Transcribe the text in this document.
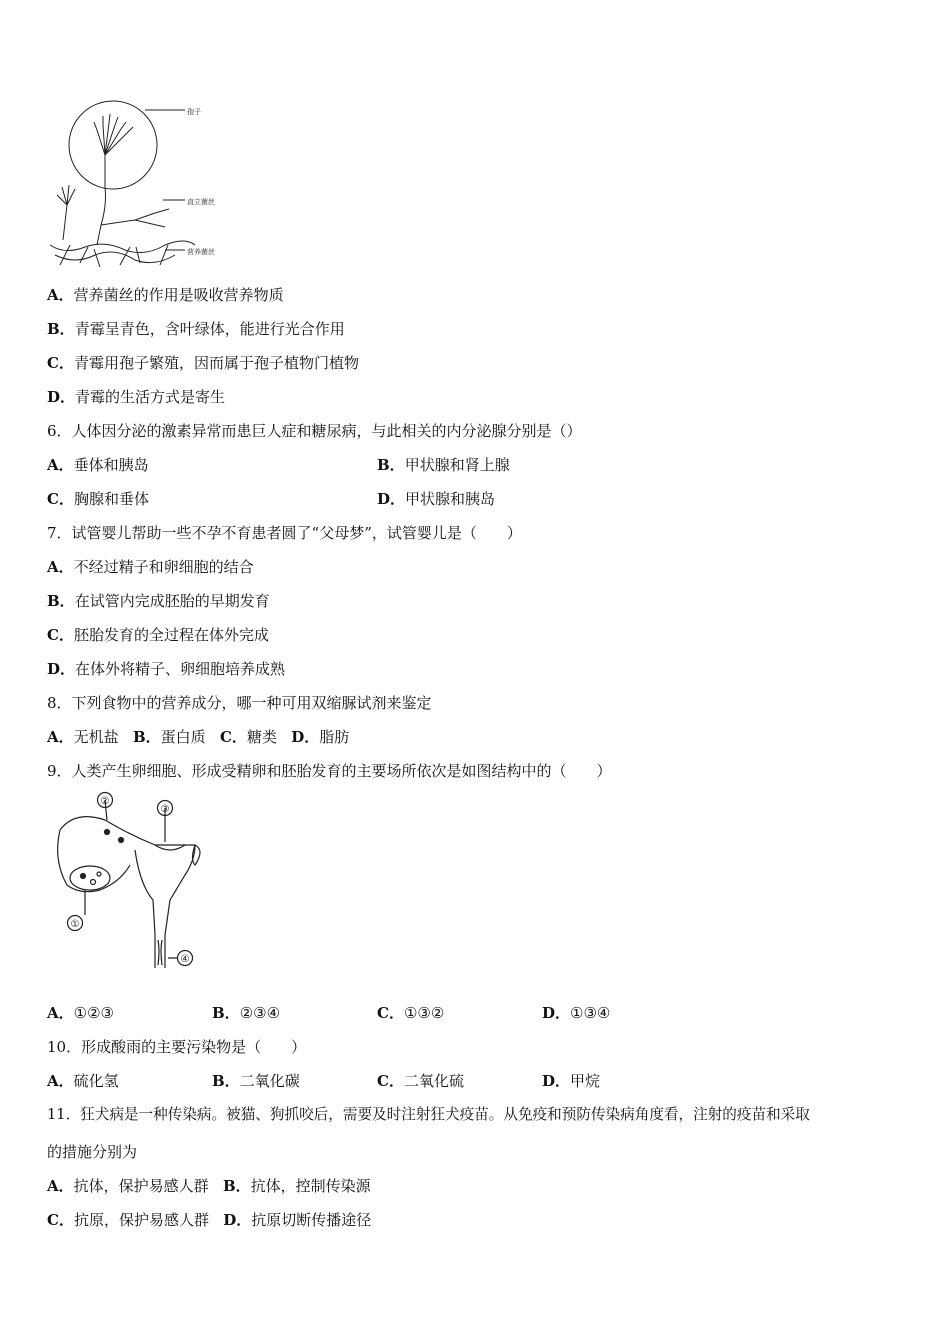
孢子
直立菌丝
营养菌丝
A．营养菌丝的作用是吸收营养物质
B．青霉呈青色，含叶绿体，能进行光合作用
C．青霉用孢子繁殖，因而属于孢子植物门植物
D．青霉的生活方式是寄生
6．人体因分泌的激素异常而患巨人症和糖尿病，与此相关的内分泌腺分别是（）
A．垂体和胰岛	B．甲状腺和肾上腺
C．胸腺和垂体	D．甲状腺和胰岛
7．试管婴儿帮助一些不孕不育患者圆了“父母梦”，试管婴儿是（　　）
A．不经过精子和卵细胞的结合
B．在试管内完成胚胎的早期发育
C．胚胎发育的全过程在体外完成
D．在体外将精子、卵细胞培养成熟
8．下列食物中的营养成分，哪一种可用双缩脲试剂来鉴定
A．无机盐 B．蛋白质 C．糖类 D．脂肪
9．人类产生卵细胞、形成受精卵和胚胎发育的主要场所依次是如图结构中的（　　）
②
③
①
④
A．①②③	B．②③④	C．①③②	D．①③④
10．形成酸雨的主要污染物是（　　）
A．硫化氢	B．二氧化碳	C．二氧化硫	D．甲烷
11．狂犬病是一种传染病。被猫、狗抓咬后，需要及时注射狂犬疫苗。从免疫和预防传染病角度看，注射的疫苗和采取
的措施分别为
A．抗体，保护易感人群 B．抗体，控制传染源
C．抗原，保护易感人群 D．抗原切断传播途径
